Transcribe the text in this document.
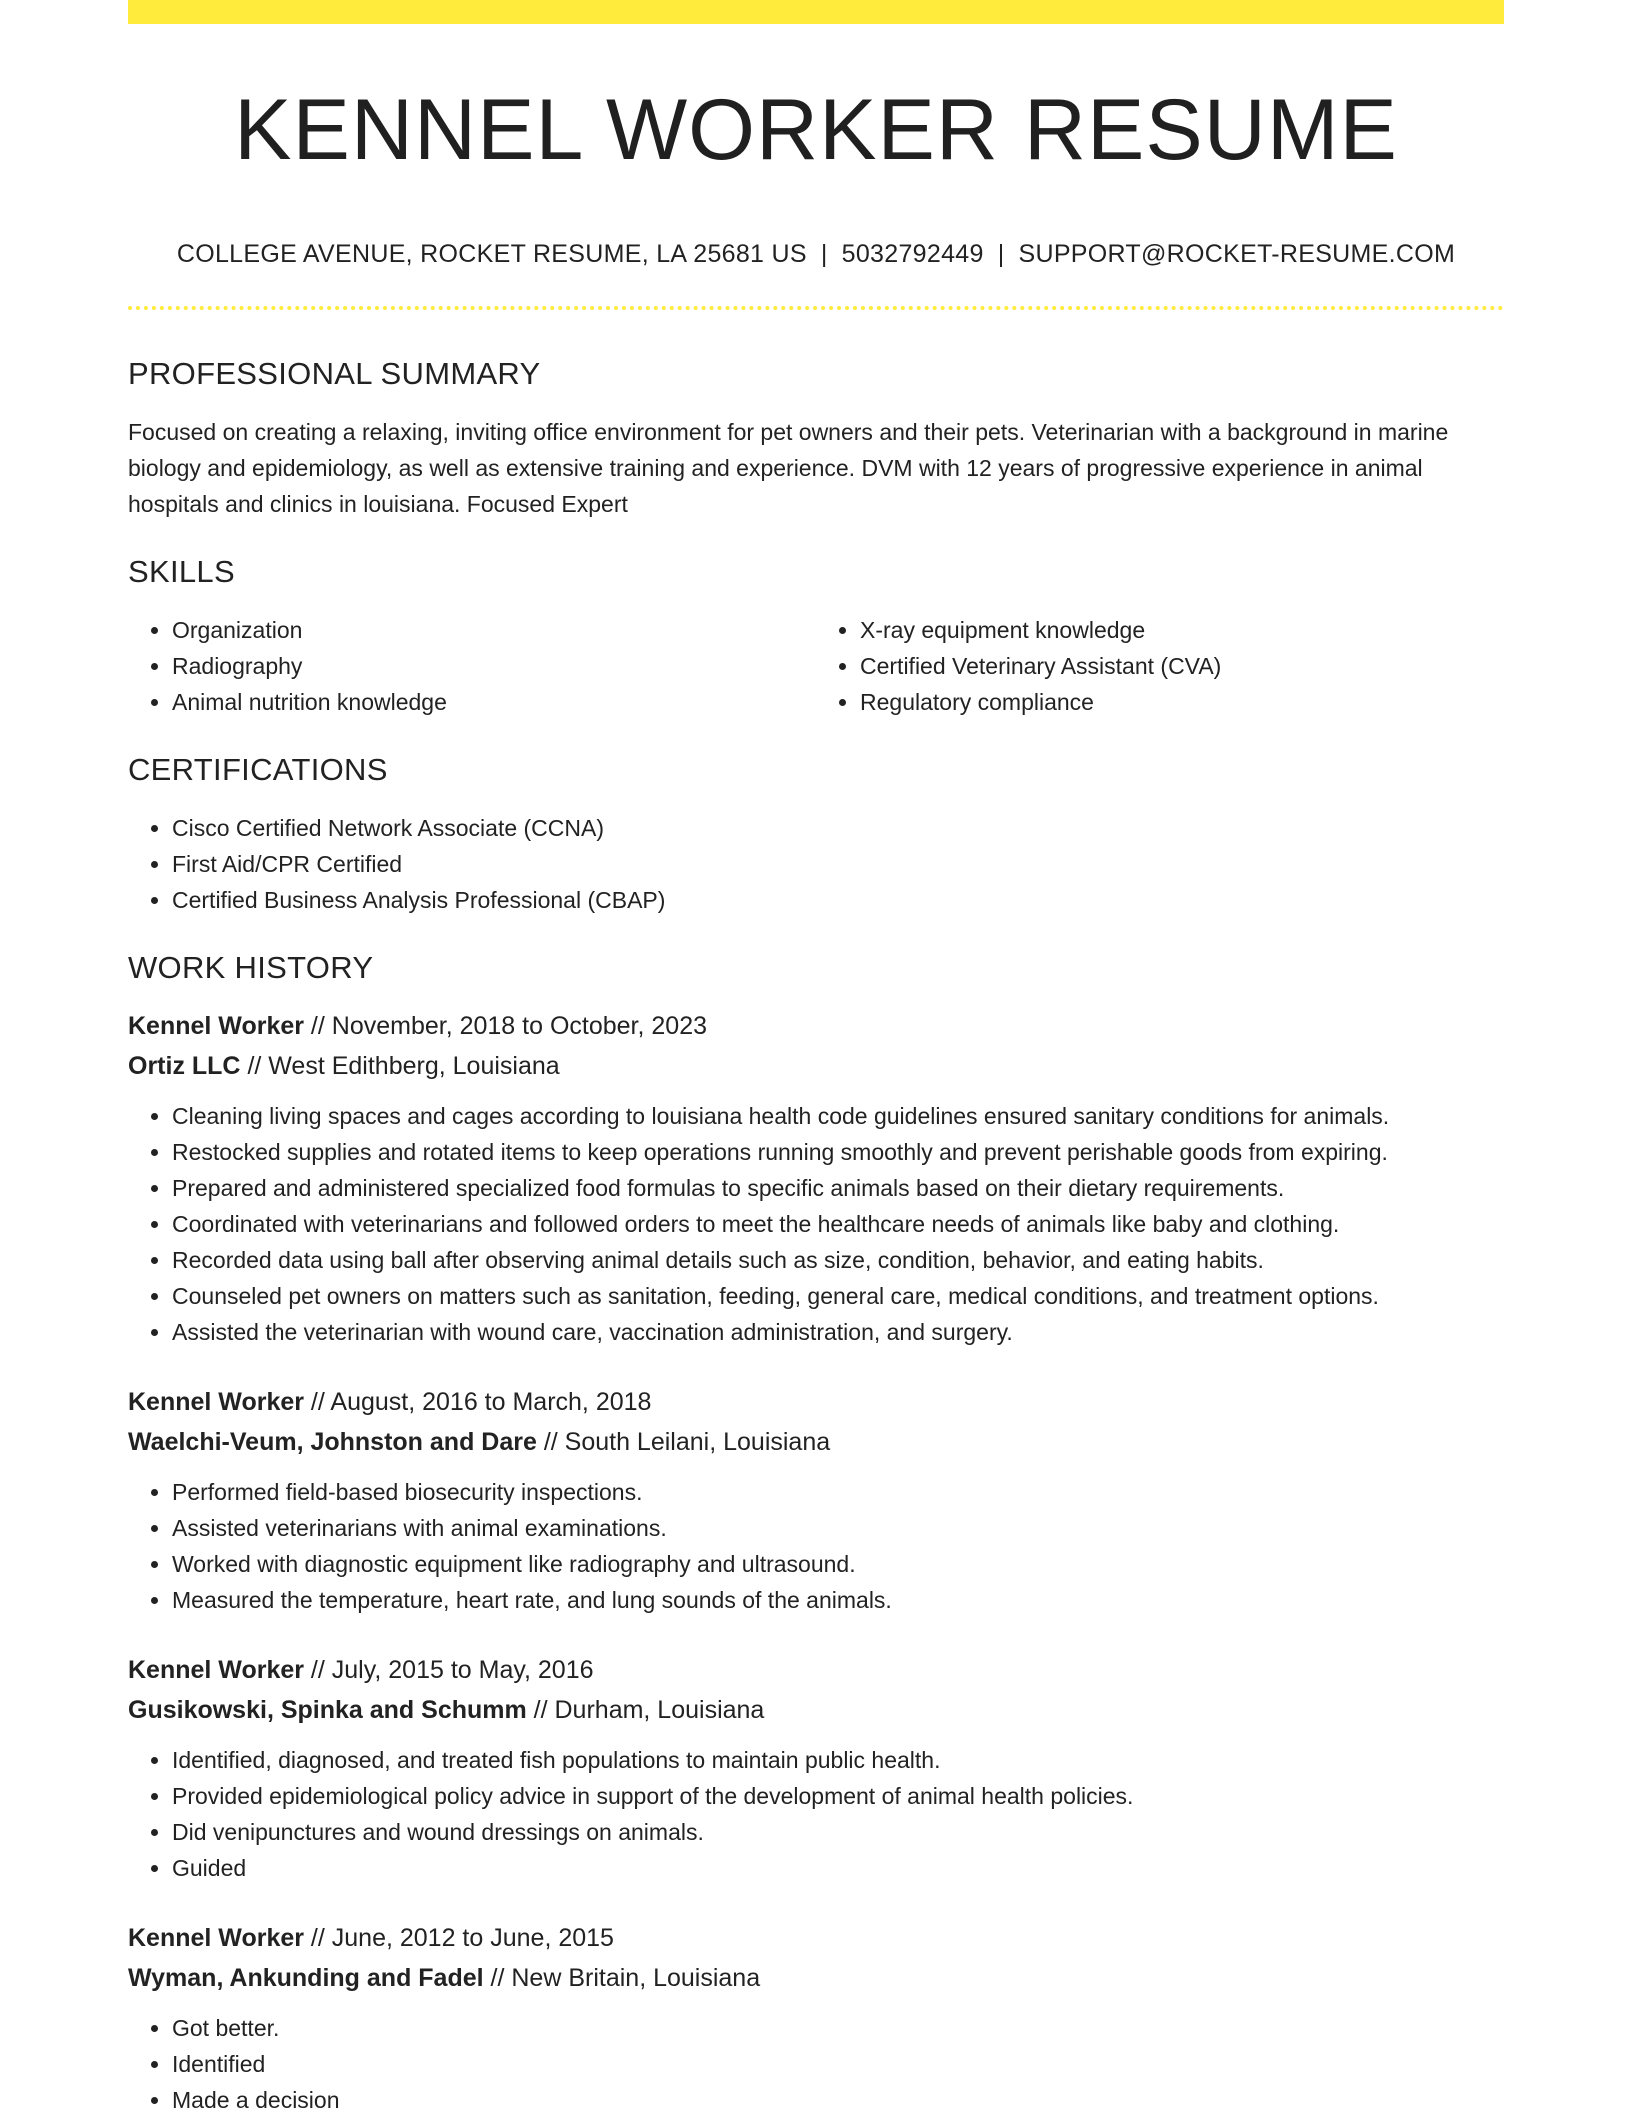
KENNEL WORKER RESUME
COLLEGE AVENUE, ROCKET RESUME, LA 25681 US | 5032792449 | SUPPORT@ROCKET-RESUME.COM
PROFESSIONAL SUMMARY

Focused on creating a relaxing, inviting office environment for pet owners and their pets. Veterinarian with a background in marine biology and epidemiology, as well as extensive training and experience. DVM with 12 years of progressive experience in animal hospitals and clinics in louisiana. Focused Expert

SKILLS
• Organization
• Radiography
• Animal nutrition knowledge
• X-ray equipment knowledge
• Certified Veterinary Assistant (CVA)
• Regulatory compliance
CERTIFICATIONS
• Cisco Certified Network Associate (CCNA)
• First Aid/CPR Certified
• Certified Business Analysis Professional (CBAP)
WORK HISTORY
Kennel Worker // November, 2018 to October, 2023
Ortiz LLC // West Edithberg, Louisiana
• Cleaning living spaces and cages according to louisiana health code guidelines ensured sanitary conditions for animals.
• Restocked supplies and rotated items to keep operations running smoothly and prevent perishable goods from expiring.
• Prepared and administered specialized food formulas to specific animals based on their dietary requirements.
• Coordinated with veterinarians and followed orders to meet the healthcare needs of animals like baby and clothing.
• Recorded data using ball after observing animal details such as size, condition, behavior, and eating habits.
• Counseled pet owners on matters such as sanitation, feeding, general care, medical conditions, and treatment options.
• Assisted the veterinarian with wound care, vaccination administration, and surgery.
Kennel Worker // August, 2016 to March, 2018
Waelchi-Veum, Johnston and Dare // South Leilani, Louisiana
• Performed field-based biosecurity inspections.
• Assisted veterinarians with animal examinations.
• Worked with diagnostic equipment like radiography and ultrasound.
• Measured the temperature, heart rate, and lung sounds of the animals.
Kennel Worker // July, 2015 to May, 2016
Gusikowski, Spinka and Schumm // Durham, Louisiana
• Identified, diagnosed, and treated fish populations to maintain public health.
• Provided epidemiological policy advice in support of the development of animal health policies.
• Did venipunctures and wound dressings on animals.
• Guided
Kennel Worker // June, 2012 to June, 2015
Wyman, Ankunding and Fadel // New Britain, Louisiana
• Got better.
• Identified
• Made a decision
